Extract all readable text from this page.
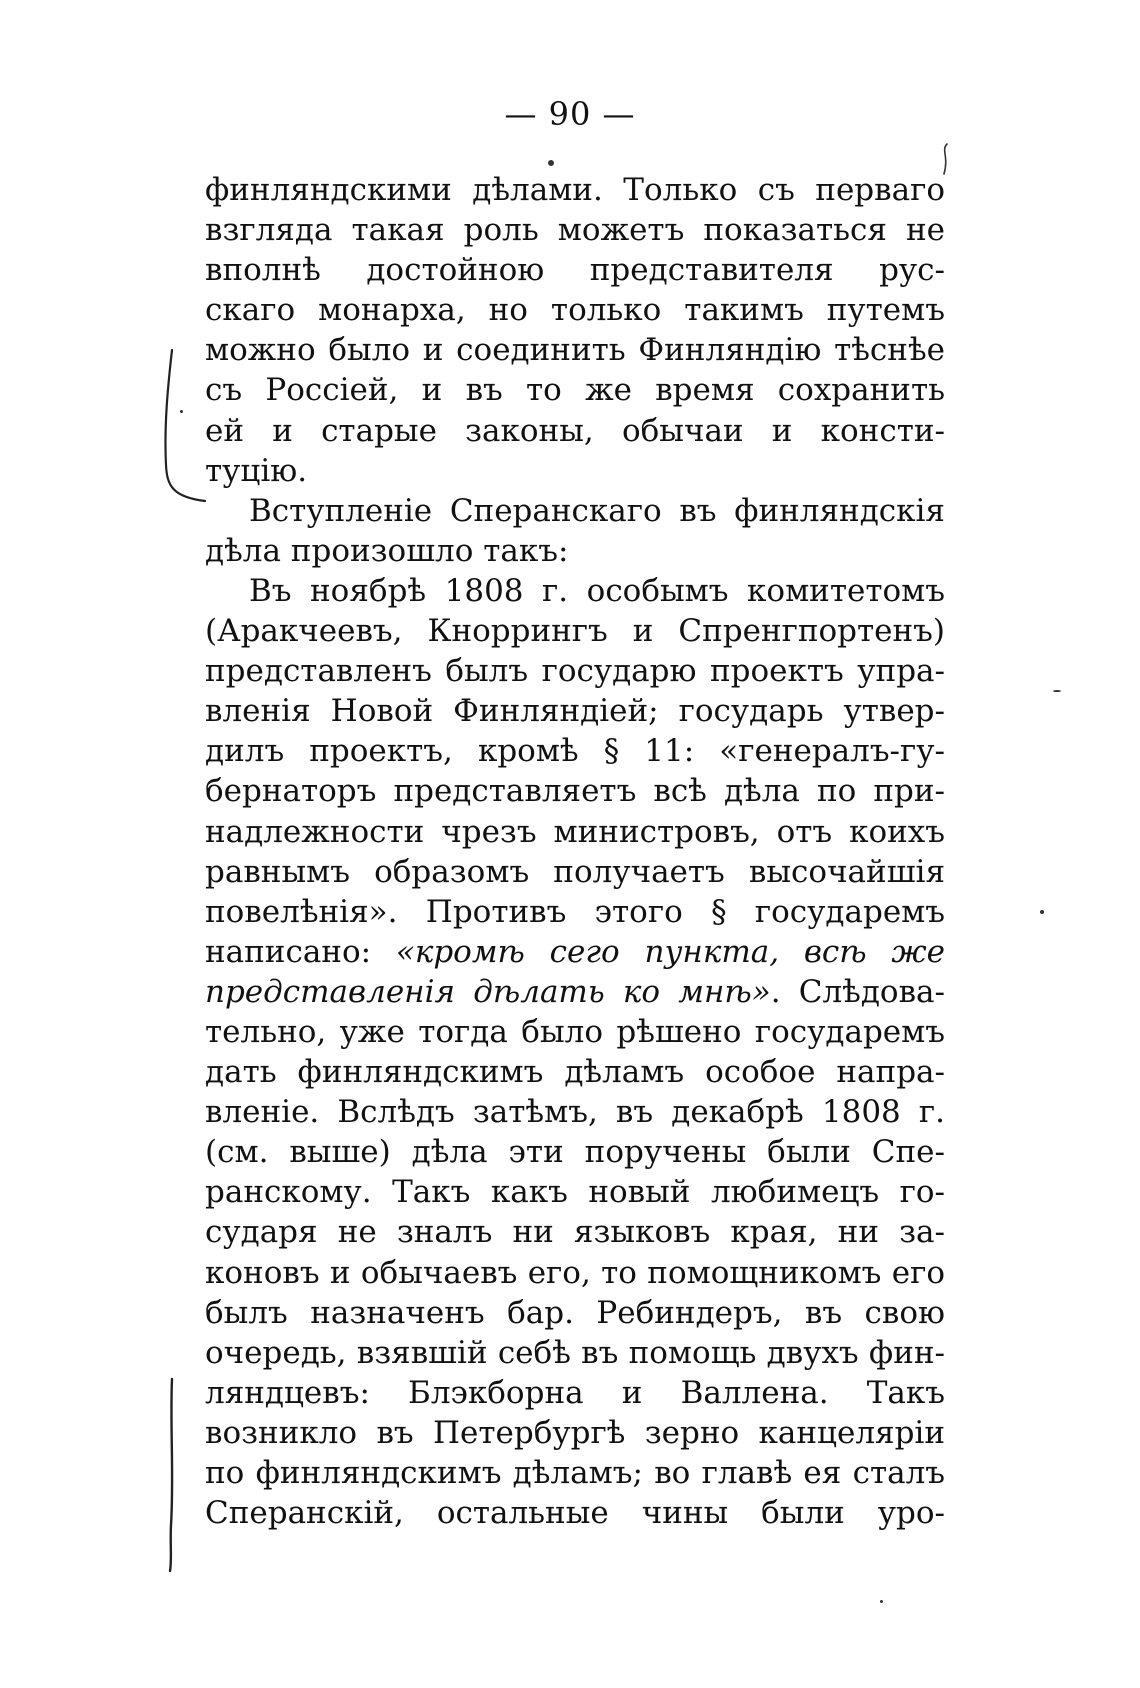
— 90 —
финляндскими дѣлами. Только съ перваго
взгляда такая роль можетъ показаться не
вполнѣ достойною представителя рус-
скаго монарха, но только такимъ путемъ
можно было и соединить Финляндію тѣснѣе
съ Россіей, и въ то же время сохранить
ей и старые законы, обычаи и консти-
туцію.
Вступленіе Сперанскаго въ финляндскія
дѣла произошло такъ:
Въ ноябрѣ 1808 г. особымъ комитетомъ
(Аракчеевъ, Кноррингъ и Спренгпортенъ)
представленъ былъ государю проектъ упра-
вленія Новой Финляндіей; государь утвер-
дилъ проектъ, кромѣ § 11: «генералъ-гу-
бернаторъ представляетъ всѣ дѣла по при-
надлежности чрезъ министровъ, отъ коихъ
равнымъ образомъ получаетъ высочайшія
повелѣнія». Противъ этого § государемъ
написано: «кромѣ сего пункта, всѣ же
представленія дѣлать ко мнѣ». Слѣдова-
тельно, уже тогда было рѣшено государемъ
дать финляндскимъ дѣламъ особое напра-
вленіе. Вслѣдъ затѣмъ, въ декабрѣ 1808 г.
(см. выше) дѣла эти поручены были Спе-
ранскому. Такъ какъ новый любимецъ го-
сударя не зналъ ни языковъ края, ни за-
коновъ и обычаевъ его, то помощникомъ его
былъ назначенъ бар. Ребиндеръ, въ свою
очередь, взявшій себѣ въ помощь двухъ фин-
ляндцевъ: Блэкборна и Валлена. Такъ
возникло въ Петербургѣ зерно канцеляріи
по финляндскимъ дѣламъ; во главѣ ея сталъ
Сперанскій, остальные чины были уро-
